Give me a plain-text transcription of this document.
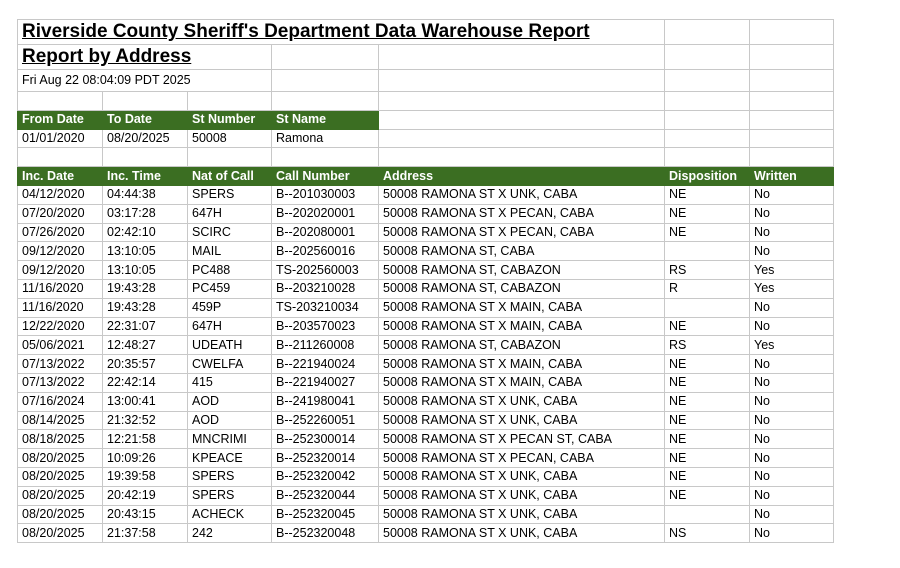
Riverside County Sheriff's Department Data Warehouse Report						
Report by Address						
Fri Aug 22 08:04:09 PDT 2025						

From Date	To Date	St Number	St Name			
01/01/2020	08/20/2025	50008	Ramona			

Inc. Date	Inc. Time	Nat of Call	Call Number	Address	Disposition	Written
04/12/2020	04:44:38	SPERS	B--201030003	50008 RAMONA ST X UNK, CABA	NE	No
07/20/2020	03:17:28	647H	B--202020001	50008 RAMONA ST X PECAN, CABA	NE	No
07/26/2020	02:42:10	SCIRC	B--202080001	50008 RAMONA ST X PECAN, CABA	NE	No
09/12/2020	13:10:05	MAIL	B--202560016	50008 RAMONA ST, CABA		No
09/12/2020	13:10:05	PC488	TS-202560003	50008 RAMONA ST, CABAZON	RS	Yes
11/16/2020	19:43:28	PC459	B--203210028	50008 RAMONA ST, CABAZON	R	Yes
11/16/2020	19:43:28	459P	TS-203210034	50008 RAMONA ST X MAIN, CABA		No
12/22/2020	22:31:07	647H	B--203570023	50008 RAMONA ST X MAIN, CABA	NE	No
05/06/2021	12:48:27	UDEATH	B--211260008	50008 RAMONA ST, CABAZON	RS	Yes
07/13/2022	20:35:57	CWELFA	B--221940024	50008 RAMONA ST X MAIN, CABA	NE	No
07/13/2022	22:42:14	415	B--221940027	50008 RAMONA ST X MAIN, CABA	NE	No
07/16/2024	13:00:41	AOD	B--241980041	50008 RAMONA ST X UNK, CABA	NE	No
08/14/2025	21:32:52	AOD	B--252260051	50008 RAMONA ST X UNK, CABA	NE	No
08/18/2025	12:21:58	MNCRIMI	B--252300014	50008 RAMONA ST X PECAN ST, CABA	NE	No
08/20/2025	10:09:26	KPEACE	B--252320014	50008 RAMONA ST X PECAN, CABA	NE	No
08/20/2025	19:39:58	SPERS	B--252320042	50008 RAMONA ST X UNK, CABA	NE	No
08/20/2025	20:42:19	SPERS	B--252320044	50008 RAMONA ST X UNK, CABA	NE	No
08/20/2025	20:43:15	ACHECK	B--252320045	50008 RAMONA ST X UNK, CABA		No
08/20/2025	21:37:58	242	B--252320048	50008 RAMONA ST X UNK, CABA	NS	No
